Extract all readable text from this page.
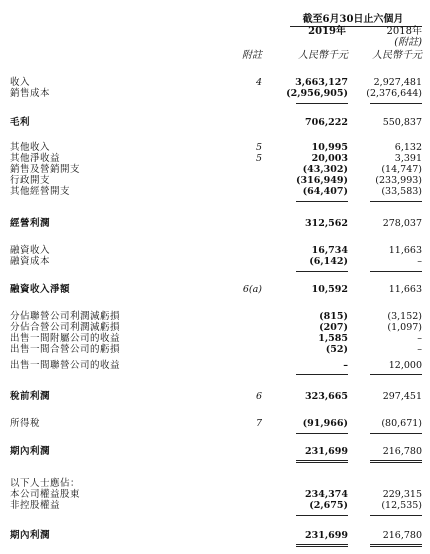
截至6月30日止六個月
2019年	2018年
(附註)
附註	人民幣千元	人民幣千元
收入	4	3,663,127	2,927,481
銷售成本	(2,956,905)	(2,376,644)
毛利	706,222	550,837
其他收入	5	10,995	6,132
其他淨收益	5	20,003	3,391
銷售及營銷開支	(43,302)	(14,747)
行政開支	(316,949)	(233,993)
其他經營開支	(64,407)	(33,583)
經營利潤	312,562	278,037
融資收入	16,734	11,663
融資成本	(6,142)	–
融資收入淨額	6(a)	10,592	11,663
分佔聯營公司利潤減虧損	(815)	(3,152)
分佔合營公司利潤減虧損	(207)	(1,097)
出售一間附屬公司的收益	1,585	–
出售一間合營公司的虧損	(52)	–
出售一間聯營公司的收益	–	12,000
稅前利潤	6	323,665	297,451
所得稅	7	(91,966)	(80,671)
期內利潤	231,699	216,780
以下人士應佔：
本公司權益股東	234,374	229,315
非控股權益	(2,675)	(12,535)
期內利潤	231,699	216,780
